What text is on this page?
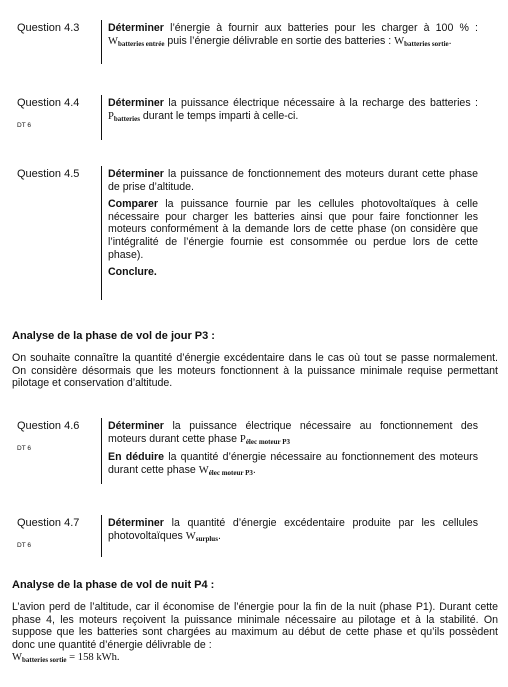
Question 4.3	Déterminer l’énergie à fournir aux batteries pour les charger à 100 % : $W_{batteries entrée}$ puis l’énergie délivrable en sortie des batteries : $W_{batteries sortie}$.

Question 4.4
DT 6

Déterminer la puissance électrique nécessaire à la recharge des batteries : $P_{batteries}$ durant le temps imparti à celle-ci.

Question 4.5	Déterminer la puissance de fonctionnement des moteurs durant cette phase de prise d’altitude.

Comparer la puissance fournie par les cellules photovoltaïques à celle nécessaire pour charger les batteries ainsi que pour faire fonctionner les moteurs conformément à la demande lors de cette phase (on considère que l’intégralité de l’énergie fournie est consommée ou perdue lors de cette phase).

Conclure.

Analyse de la phase de vol de jour P3 :
On souhaite connaître la quantité d’énergie excédentaire dans le cas où tout se passe normalement. On considère désormais que les moteurs fonctionnent à la puissance minimale requise permettant pilotage et conservation d’altitude.
Question 4.6
DT 6

Déterminer la puissance électrique nécessaire au fonctionnement des moteurs durant cette phase $P_{élec moteur P3}$

En déduire la quantité d’énergie nécessaire au fonctionnement des moteurs durant cette phase $W_{élec moteur P3}$.

Question 4.7
DT 6

Déterminer la quantité d’énergie excédentaire produite par les cellules photovoltaïques $W_{surplus}$.

Analyse de la phase de vol de nuit P4 :
L’avion perd de l’altitude, car il économise de l’énergie pour la fin de la nuit (phase P1). Durant cette phase 4, les moteurs reçoivent la puissance minimale nécessaire au pilotage et à la stabilité. On suppose que les batteries sont chargées au maximum au début de cette phase et qu’ils possèdent donc une quantité d’énergie délivrable de :
$W_{batteries sortie} = 158$ kWh.
